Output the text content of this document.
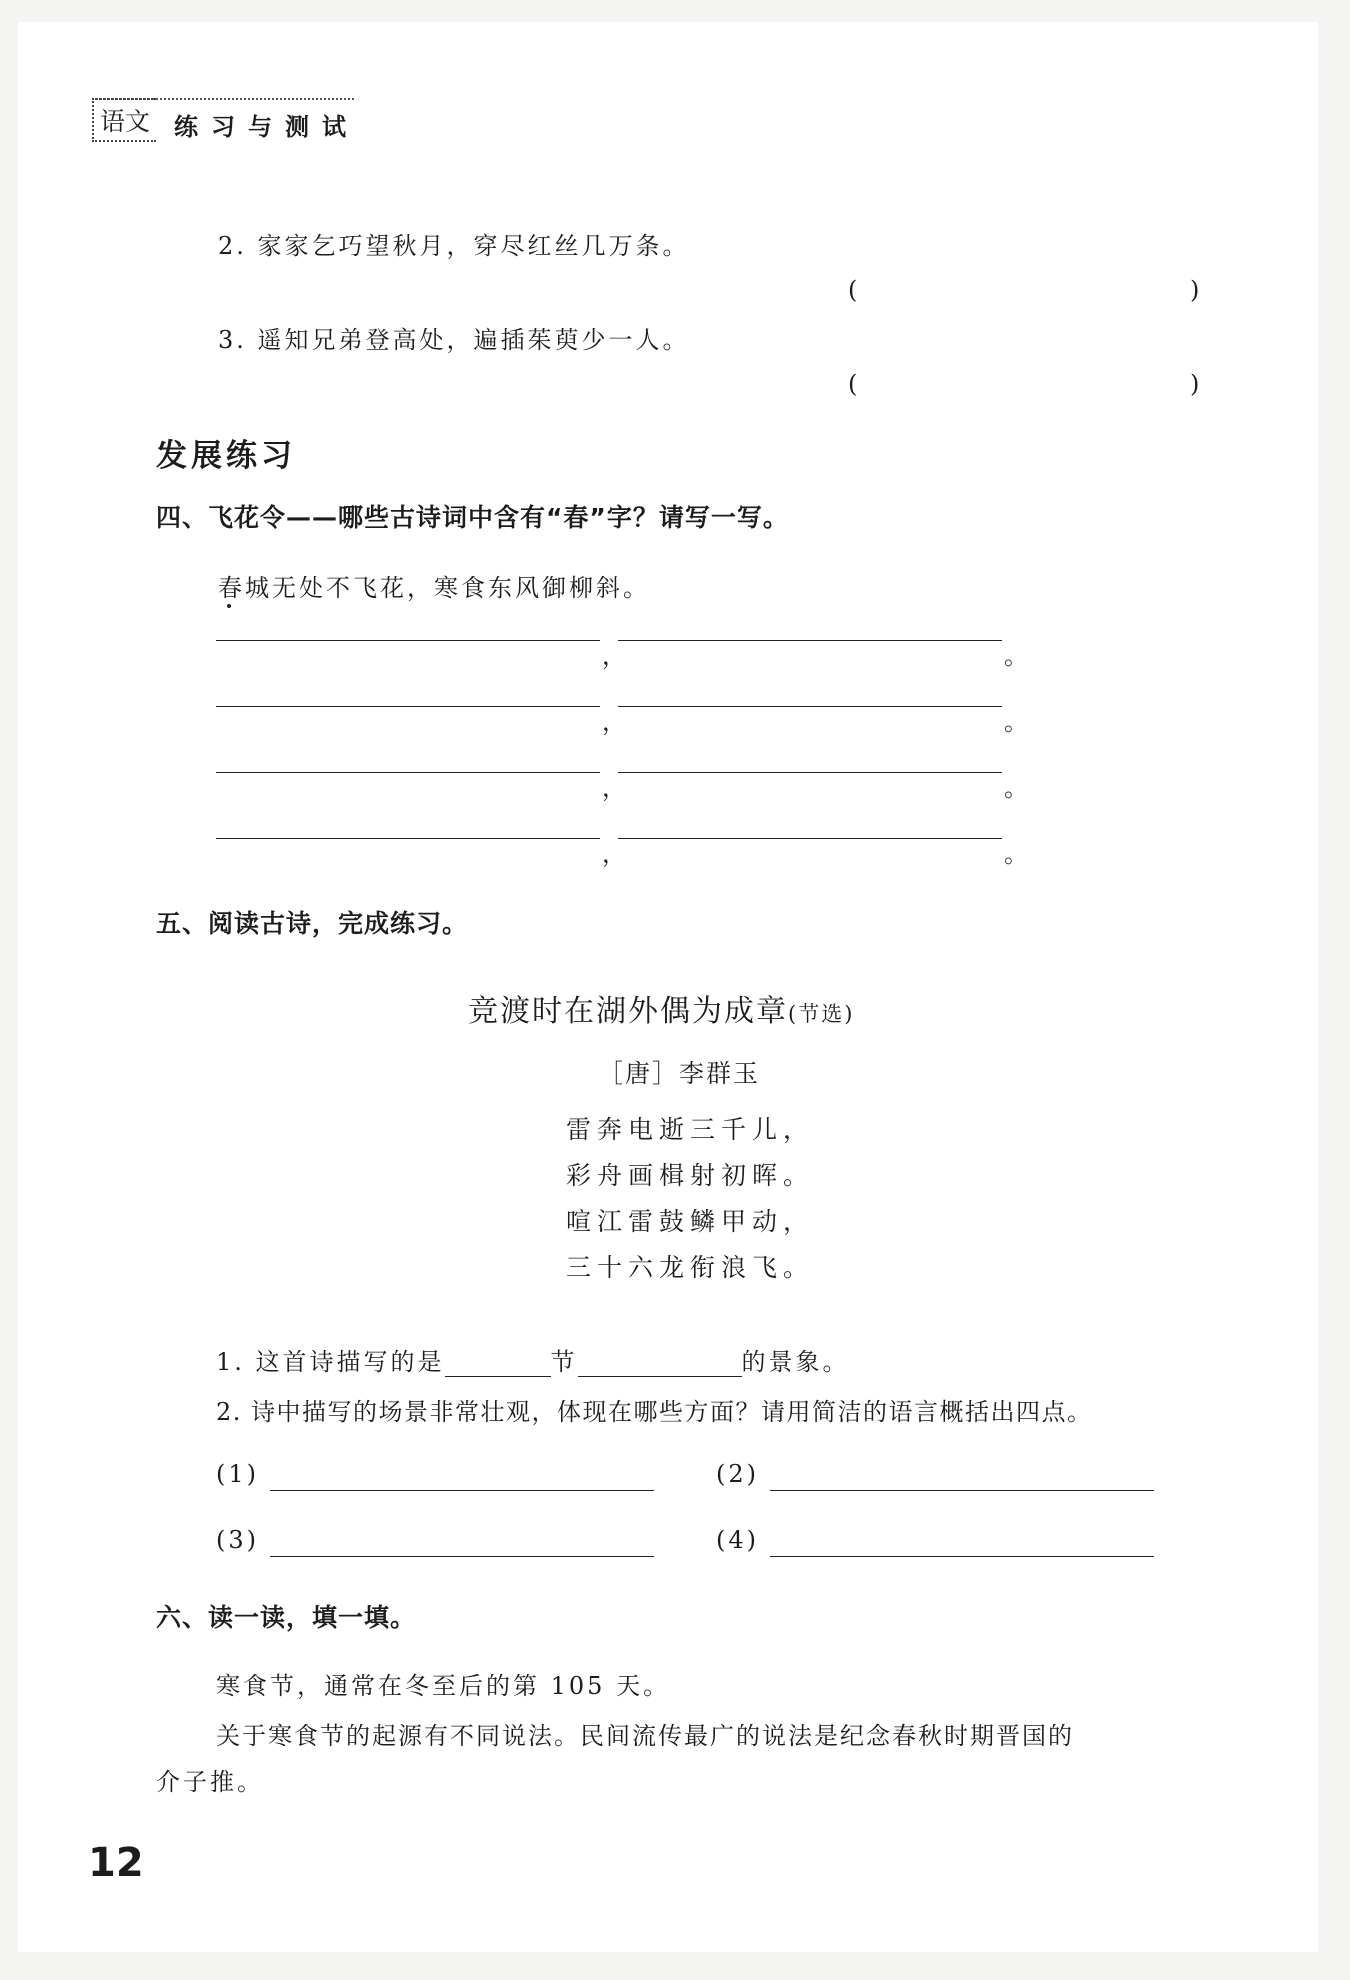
语文 练习与测试
2. 家家乞巧望秋月，穿尽红丝几万条。
(	)
3. 遥知兄弟登高处，遍插茱萸少一人。
(	)
发展练习
四、飞花令——哪些古诗词中含有“春”字？请写一写。
春城无处不飞花，寒食东风御柳斜。
，	。
，	。
，	。
，	。
五、阅读古诗，完成练习。
竞渡时在湖外偶为成章(节选)
［唐］李群玉
雷奔电逝三千儿，
彩舟画楫射初晖。
喧江雷鼓鳞甲动，
三十六龙衔浪飞。
1. 这首诗描写的是	节	的景象。
2. 诗中描写的场景非常壮观，体现在哪些方面？请用简洁的语言概括出四点。
(1)	(2)
(3)	(4)
六、读一读，填一填。
寒食节，通常在冬至后的第 105 天。
关于寒食节的起源有不同说法。民间流传最广的说法是纪念春秋时期晋国的
介子推。
12
